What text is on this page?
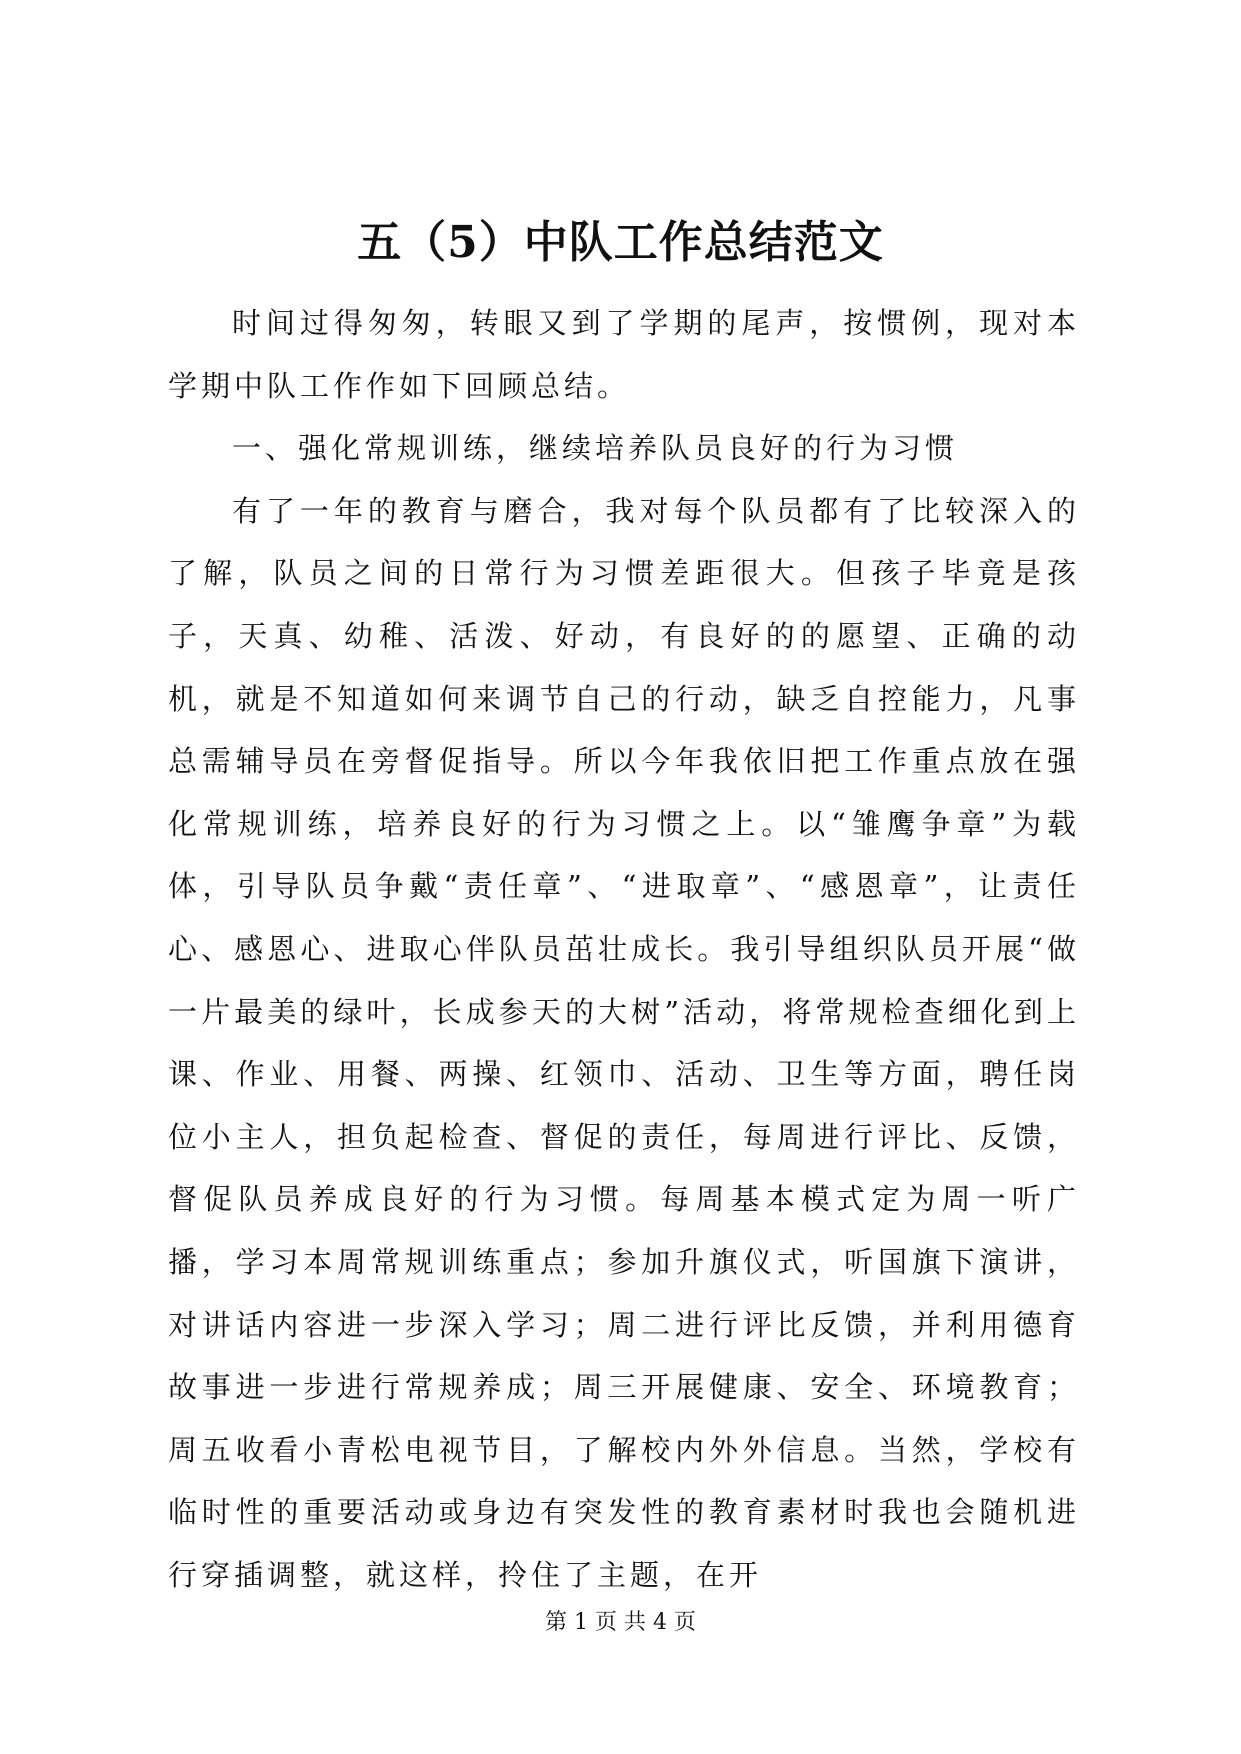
五（5）中队工作总结范文

时间过得匆匆，转眼又到了学期的尾声，按惯例，现对本学期中队工作作如下回顾总结。

一、强化常规训练，继续培养队员良好的行为习惯

有了一年的教育与磨合，我对每个队员都有了比较深入的了解，队员之间的日常行为习惯差距很大。但孩子毕竟是孩子，天真、幼稚、活泼、好动，有良好的的愿望、正确的动机，就是不知道如何来调节自己的行动，缺乏自控能力，凡事总需辅导员在旁督促指导。所以今年我依旧把工作重点放在强化常规训练，培养良好的行为习惯之上。以“雏鹰争章”为载体，引导队员争戴“责任章”、“进取章”、“感恩章”，让责任心、感恩心、进取心伴队员茁壮成长。我引导组织队员开展“做一片最美的绿叶，长成参天的大树”活动，将常规检查细化到上课、作业、用餐、两操、红领巾、活动、卫生等方面，聘任岗位小主人，担负起检查、督促的责任，每周进行评比、反馈，督促队员养成良好的行为习惯。每周基本模式定为周一听广播，学习本周常规训练重点；参加升旗仪式，听国旗下演讲，对讲话内容进一步深入学习；周二进行评比反馈，并利用德育故事进一步进行常规养成；周三开展健康、安全、环境教育；周五收看小青松电视节目，了解校内外外信息。当然，学校有临时性的重要活动或身边有突发性的教育素材时我也会随机进行穿插调整，就这样，拎住了主题，在开

第 1 页 共 4 页
